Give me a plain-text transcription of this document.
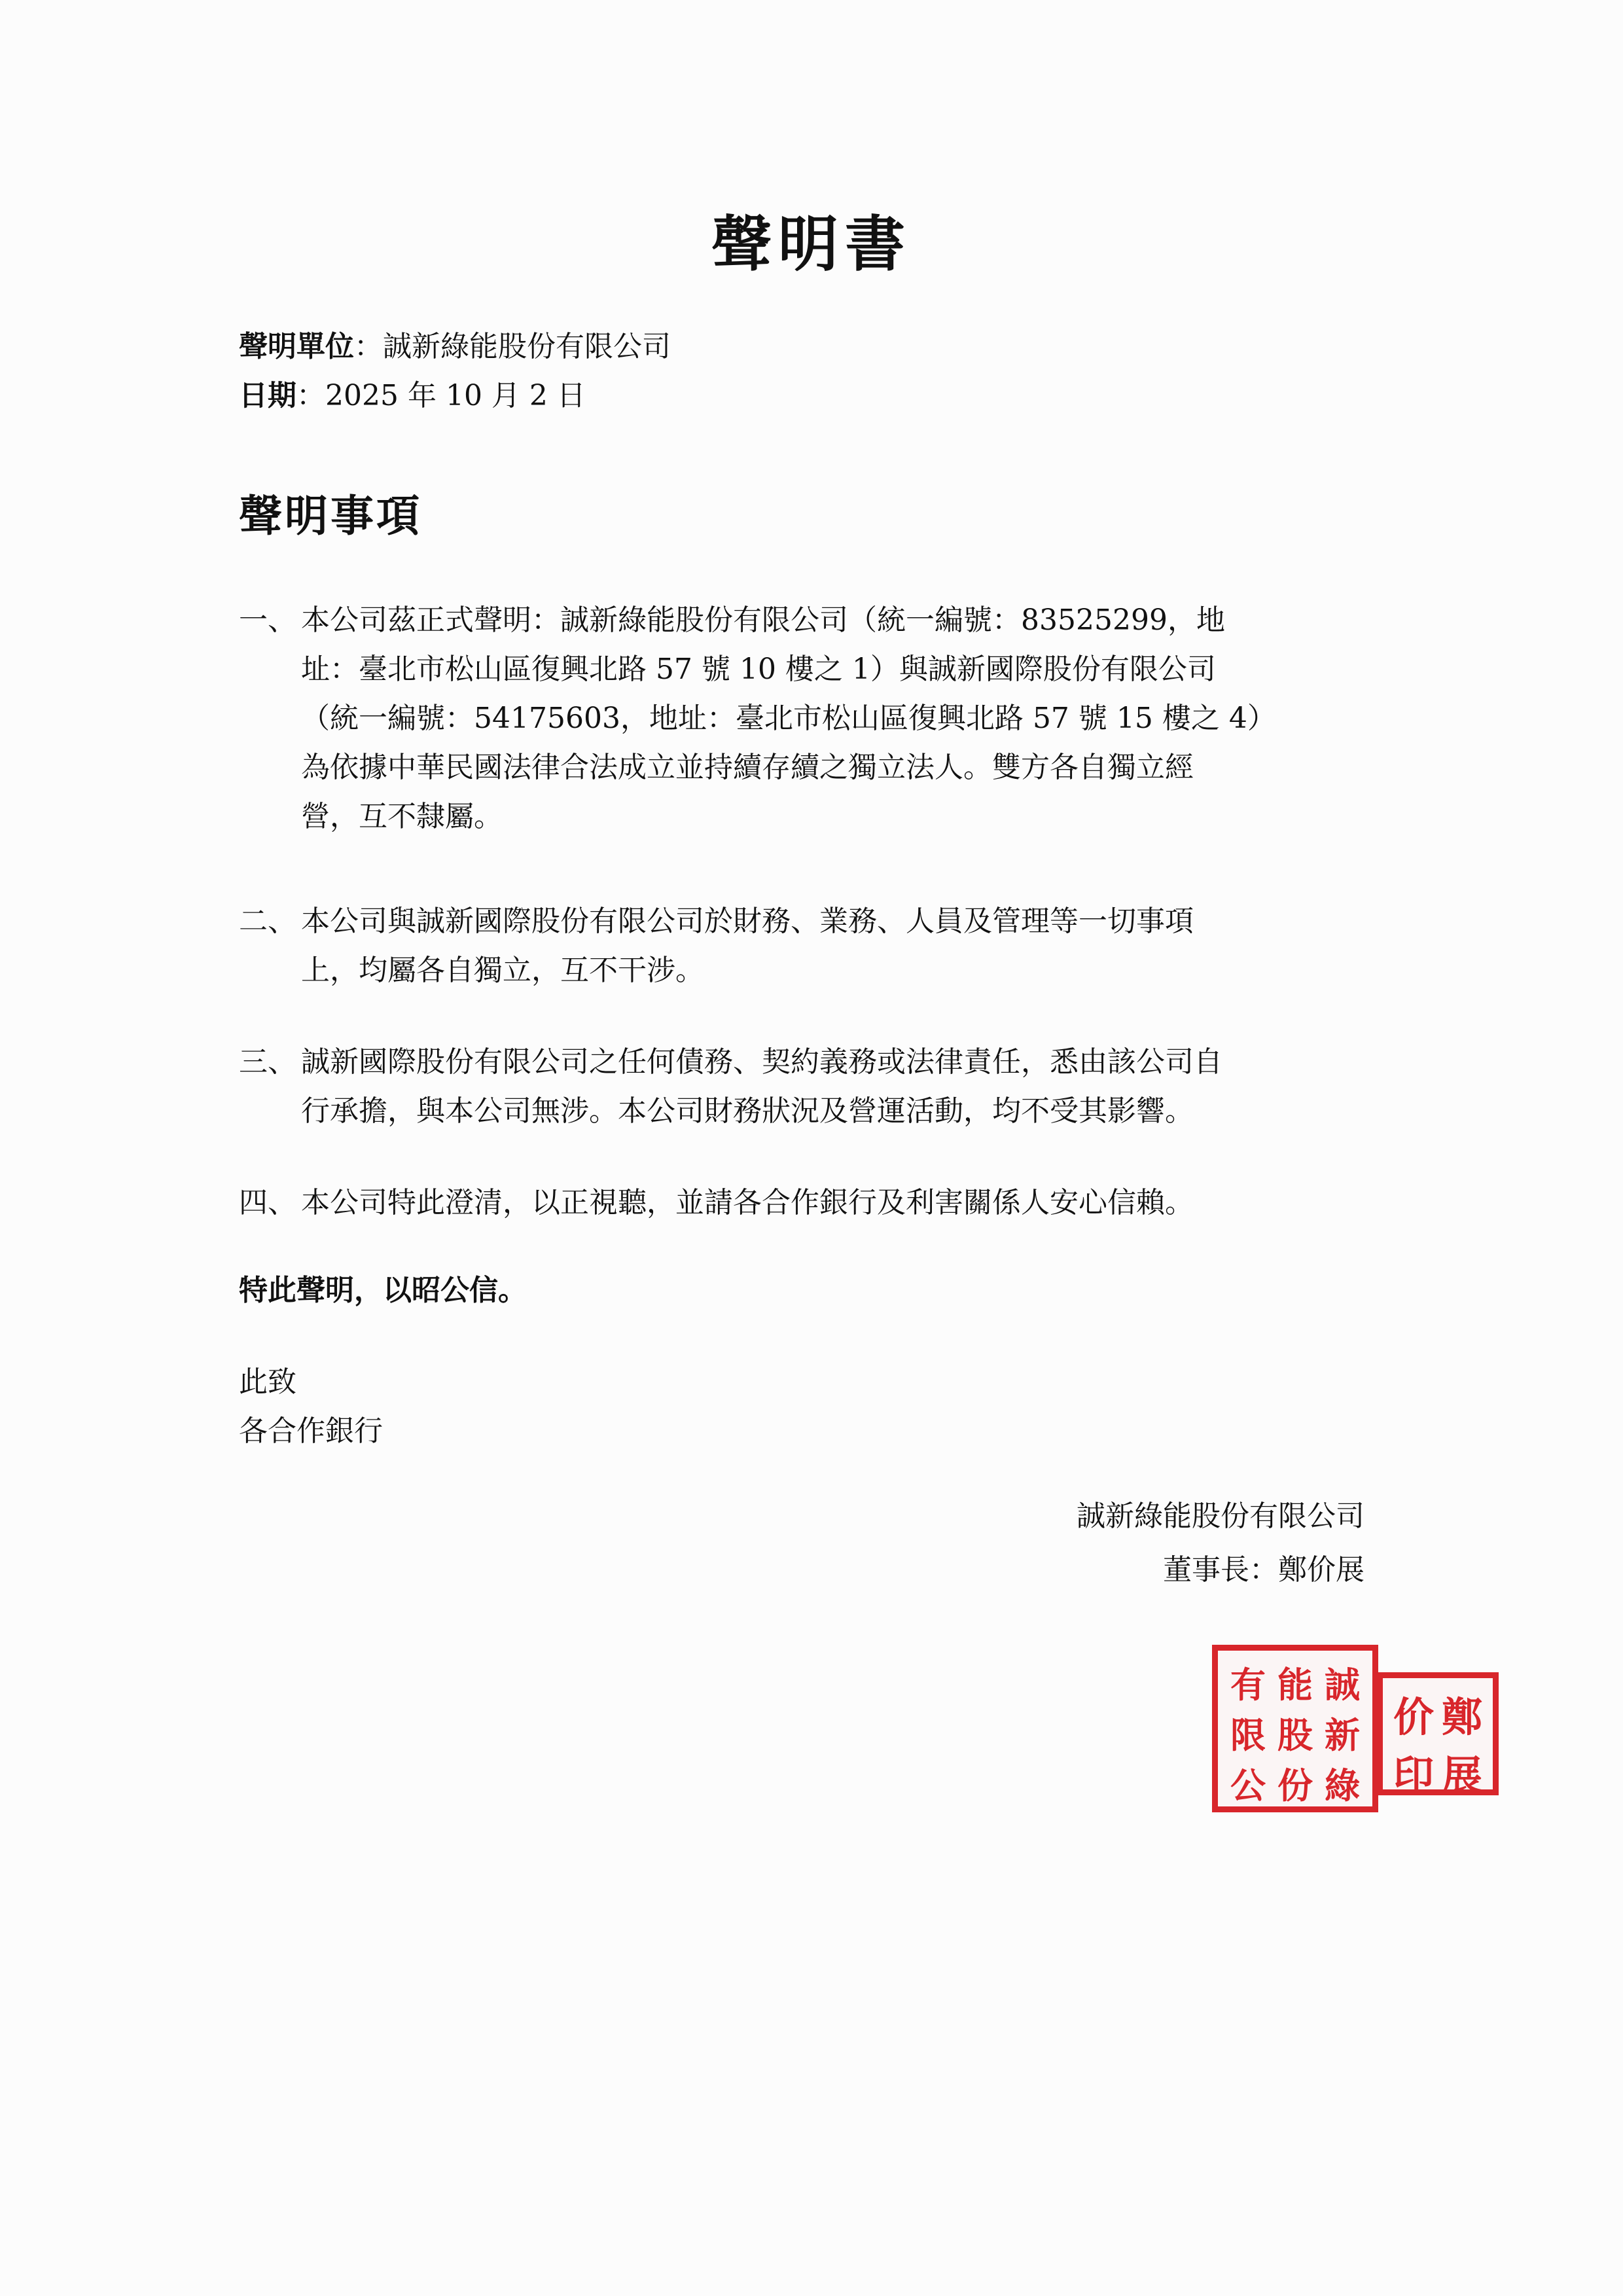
聲明書
聲明單位：誠新綠能股份有限公司
日期：2025 年 10 月 2 日
聲明事項
一、 本公司茲正式聲明：誠新綠能股份有限公司（統一編號：83525299，地
址：臺北市松山區復興北路 57 號 10 樓之 1）與誠新國際股份有限公司
（統一編號：54175603，地址：臺北市松山區復興北路 57 號 15 樓之 4）
為依據中華民國法律合法成立並持續存續之獨立法人。雙方各自獨立經
營，互不隸屬。
二、 本公司與誠新國際股份有限公司於財務、業務、人員及管理等一切事項
上，均屬各自獨立，互不干涉。
三、 誠新國際股份有限公司之任何債務、契約義務或法律責任，悉由該公司自
行承擔，與本公司無涉。本公司財務狀況及營運活動，均不受其影響。
四、 本公司特此澄清，以正視聽，並請各合作銀行及利害關係人安心信賴。

特此聲明，以昭公信。

此致

各合作銀行

誠新綠能股份有限公司

董事長：鄭价展

有 能 誠
限 股 新
公 份 綠
价 鄭
印 展
